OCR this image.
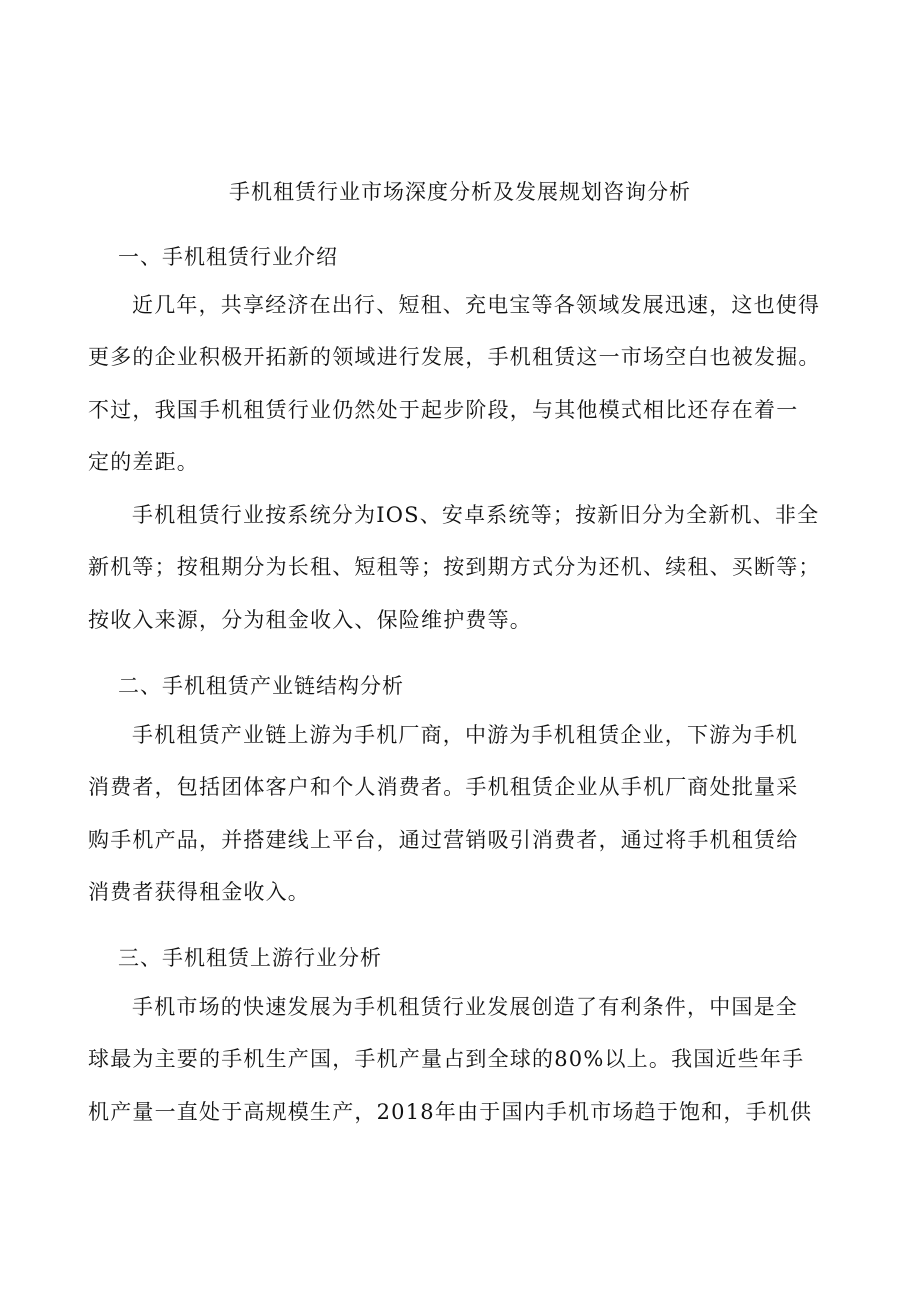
手机租赁行业市场深度分析及发展规划咨询分析
一、手机租赁行业介绍
近几年，共享经济在出行、短租、充电宝等各领域发展迅速，这也使得
更多的企业积极开拓新的领域进行发展，手机租赁这一市场空白也被发掘。
不过，我国手机租赁行业仍然处于起步阶段，与其他模式相比还存在着一
定的差距。
手机租赁行业按系统分为IOS、安卓系统等；按新旧分为全新机、非全
新机等；按租期分为长租、短租等；按到期方式分为还机、续租、买断等；
按收入来源，分为租金收入、保险维护费等。
二、手机租赁产业链结构分析
手机租赁产业链上游为手机厂商，中游为手机租赁企业，下游为手机
消费者，包括团体客户和个人消费者。手机租赁企业从手机厂商处批量采
购手机产品，并搭建线上平台，通过营销吸引消费者，通过将手机租赁给
消费者获得租金收入。
三、手机租赁上游行业分析
手机市场的快速发展为手机租赁行业发展创造了有利条件，中国是全
球最为主要的手机生产国，手机产量占到全球的80%以上。我国近些年手
机产量一直处于高规模生产，2018年由于国内手机市场趋于饱和，手机供
